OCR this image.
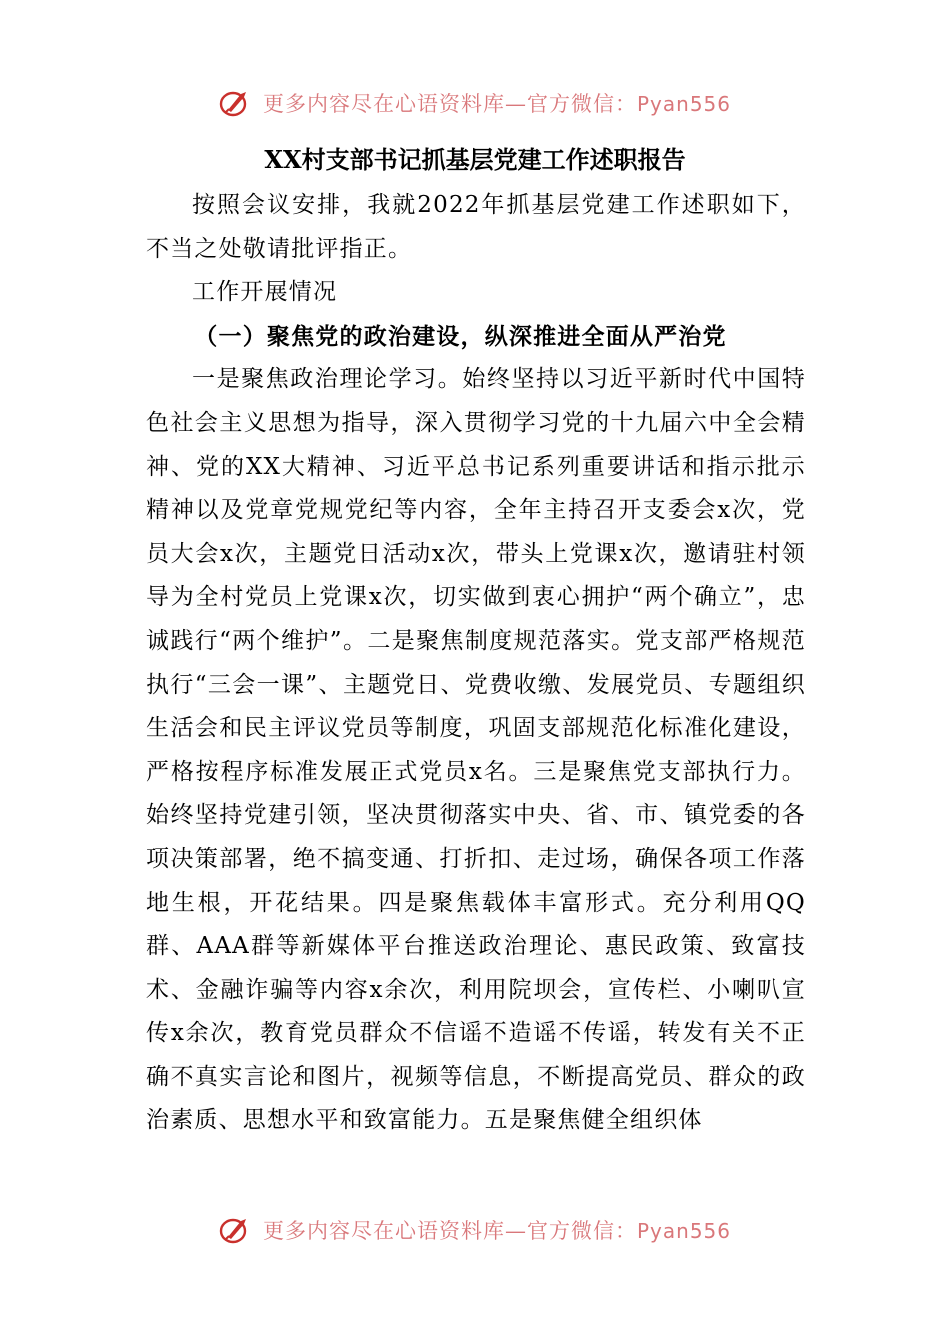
更多内容尽在心语资料库—官方微信：Pyan556
XX村支部书记抓基层党建工作述职报告

按照会议安排，我就2022年抓基层党建工作述职如下，不当之处敬请批评指正。

工作开展情况

（一）聚焦党的政治建设，纵深推进全面从严治党

一是聚焦政治理论学习。始终坚持以习近平新时代中国特色社会主义思想为指导，深入贯彻学习党的十九届六中全会精神、党的XX大精神、习近平总书记系列重要讲话和指示批示精神以及党章党规党纪等内容，全年主持召开支委会x次，党员大会x次，主题党日活动x次，带头上党课x次，邀请驻村领导为全村党员上党课x次，切实做到衷心拥护“两个确立”，忠诚践行“两个维护”。二是聚焦制度规范落实。党支部严格规范执行“三会一课”、主题党日、党费收缴、发展党员、专题组织生活会和民主评议党员等制度，巩固支部规范化标准化建设，严格按程序标准发展正式党员x名。三是聚焦党支部执行力。始终坚持党建引领，坚决贯彻落实中央、省、市、镇党委的各项决策部署，绝不搞变通、打折扣、走过场，确保各项工作落地生根，开花结果。四是聚焦载体丰富形式。充分利用QQ群、AAA群等新媒体平台推送政治理论、惠民政策、致富技术、金融诈骗等内容x余次，利用院坝会，宣传栏、小喇叭宣传x余次，教育党员群众不信谣不造谣不传谣，转发有关不正确不真实言论和图片，视频等信息，不断提高党员、群众的政治素质、思想水平和致富能力。五是聚焦健全组织体

更多内容尽在心语资料库—官方微信：Pyan556
